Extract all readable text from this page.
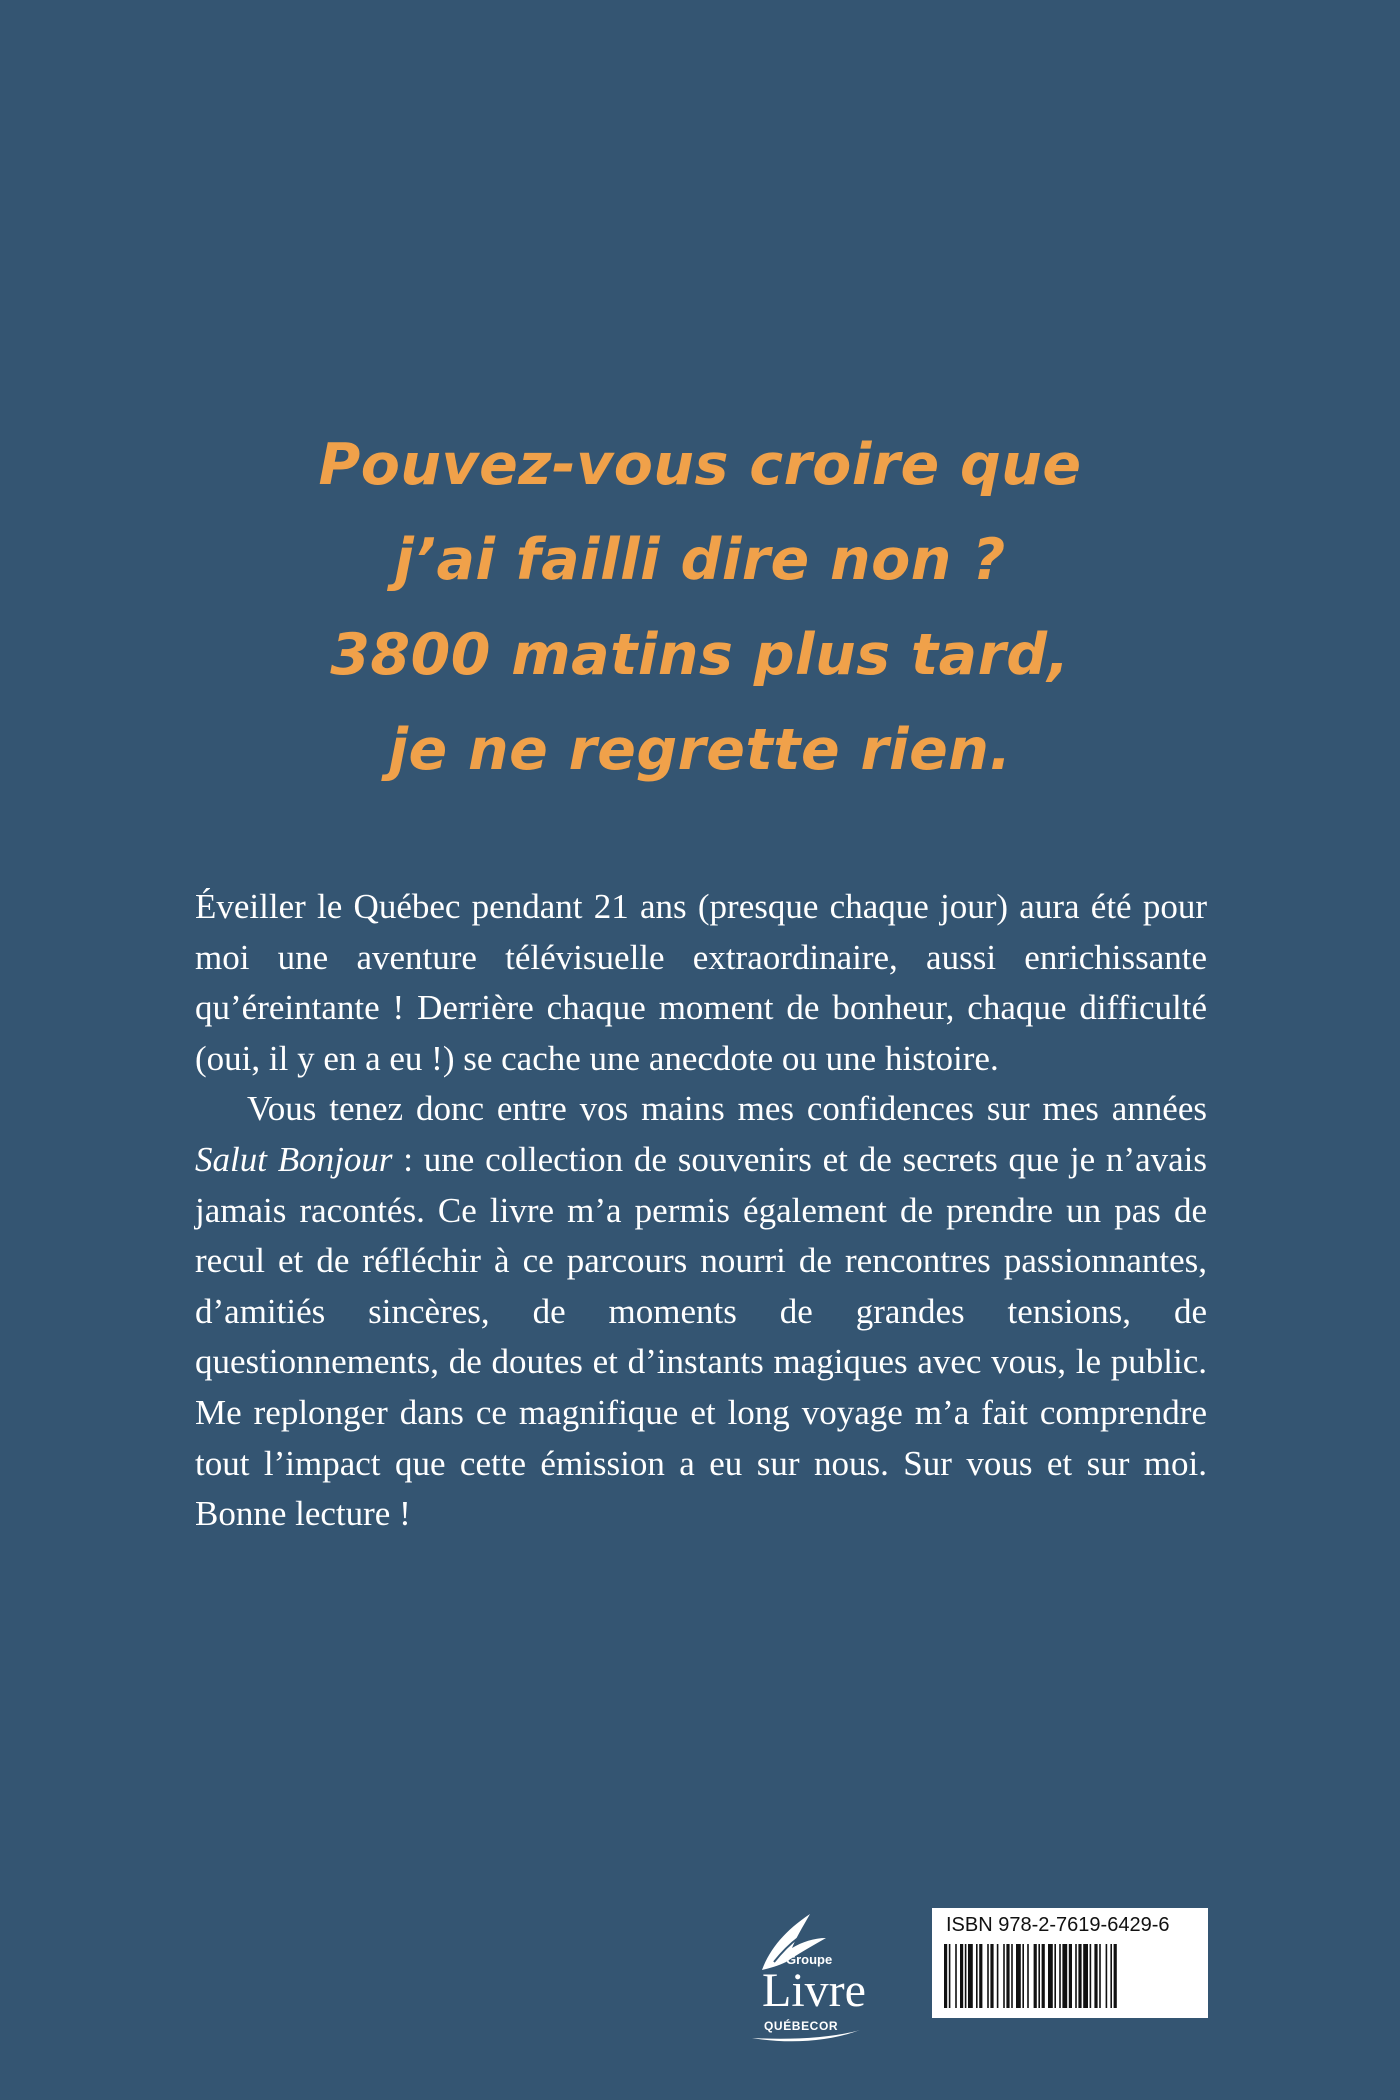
Pouvez-vous croire que
j’ai failli dire non ?
3800 matins plus tard,
je ne regrette rien.

Éveiller le Québec pendant 21 ans (presque chaque jour) aura été pour moi une aventure télévisuelle extraordinaire, aussi enrichissante qu’éreintante ! Derrière chaque moment de bonheur, chaque difficulté (oui, il y en a eu !) se cache une anecdote ou une histoire.

Vous tenez donc entre vos mains mes confidences sur mes années Salut Bonjour : une collection de souvenirs et de secrets que je n’avais jamais racontés. Ce livre m’a permis également de prendre un pas de recul et de réfléchir à ce parcours nourri de rencontres passionnantes, d’amitiés sincères, de moments de grandes tensions, de questionnements, de doutes et d’instants magiques avec vous, le public. Me replonger dans ce magnifique et long voyage m’a fait comprendre tout l’impact que cette émission a eu sur nous. Sur vous et sur moi. Bonne lecture !

Groupe
Livre
QUÉBECOR
ISBN 978-2-7619-6429-6
